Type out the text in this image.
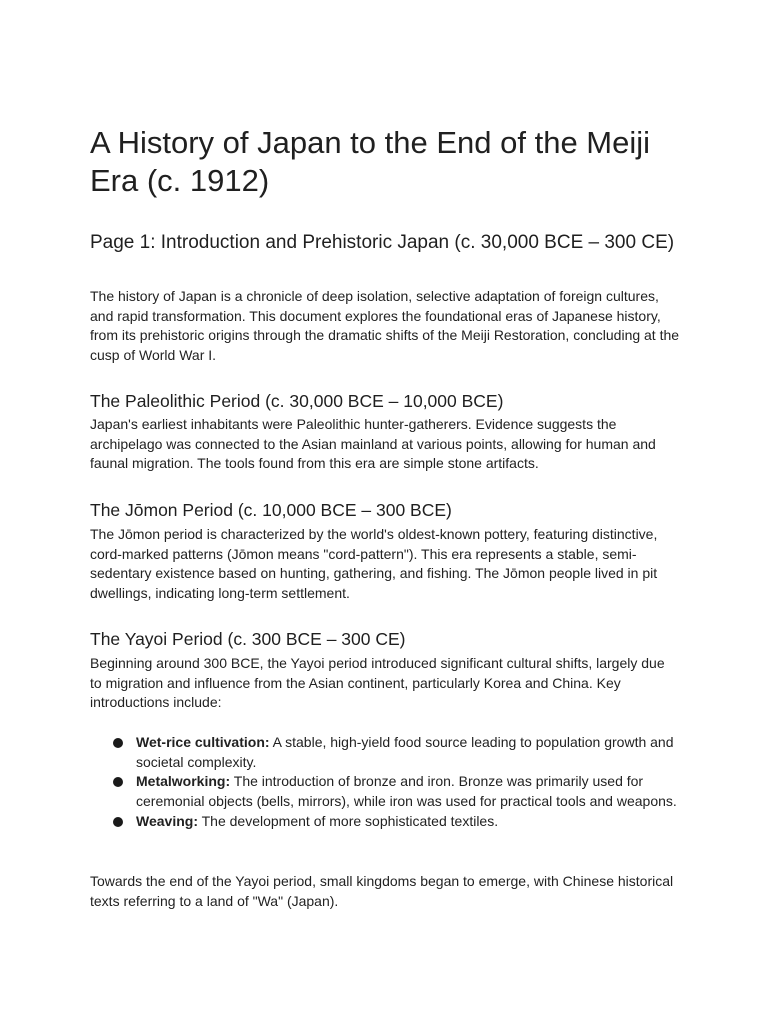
A History of Japan to the End of the Meiji Era (c. 1912)
Page 1: Introduction and Prehistoric Japan (c. 30,000 BCE – 300 CE)

The history of Japan is a chronicle of deep isolation, selective adaptation of foreign cultures, and rapid transformation. This document explores the foundational eras of Japanese history, from its prehistoric origins through the dramatic shifts of the Meiji Restoration, concluding at the cusp of World War I.

The Paleolithic Period (c. 30,000 BCE – 10,000 BCE)

Japan's earliest inhabitants were Paleolithic hunter-gatherers. Evidence suggests the archipelago was connected to the Asian mainland at various points, allowing for human and faunal migration. The tools found from this era are simple stone artifacts.

The Jōmon Period (c. 10,000 BCE – 300 BCE)

The Jōmon period is characterized by the world's oldest-known pottery, featuring distinctive, cord-marked patterns (Jōmon means "cord-pattern"). This era represents a stable, semi-sedentary existence based on hunting, gathering, and fishing. The Jōmon people lived in pit dwellings, indicating long-term settlement.

The Yayoi Period (c. 300 BCE – 300 CE)

Beginning around 300 BCE, the Yayoi period introduced significant cultural shifts, largely due to migration and influence from the Asian continent, particularly Korea and China. Key introductions include:

Wet-rice cultivation: A stable, high-yield food source leading to population growth and societal complexity.
Metalworking: The introduction of bronze and iron. Bronze was primarily used for ceremonial objects (bells, mirrors), while iron was used for practical tools and weapons.
Weaving: The development of more sophisticated textiles.

Towards the end of the Yayoi period, small kingdoms began to emerge, with Chinese historical texts referring to a land of "Wa" (Japan).
